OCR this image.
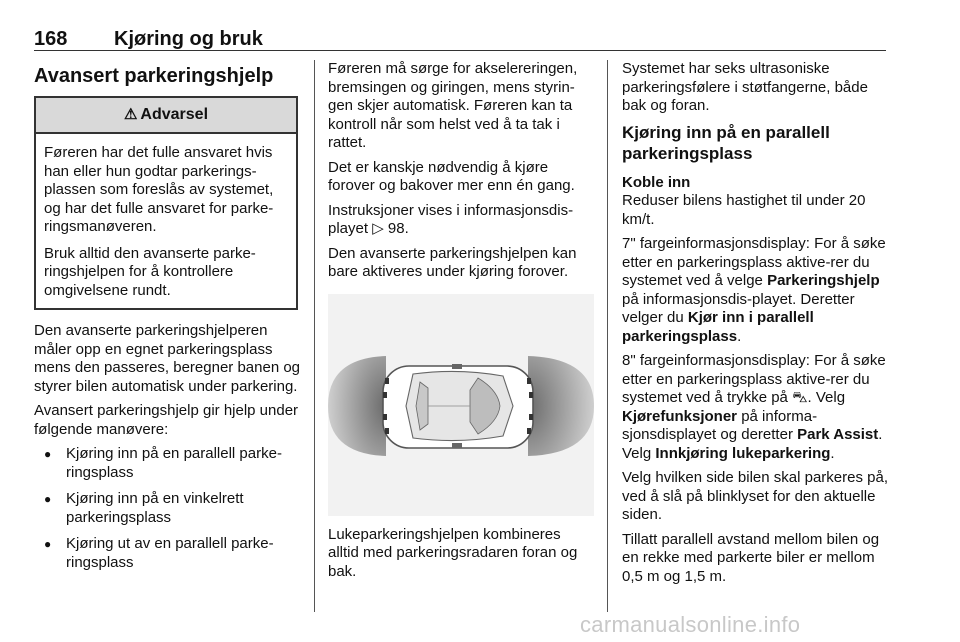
168 Kjøring og bruk
Avansert parkeringshjelp
⚠ Advarsel

Føreren har det fulle ansvaret hvis han eller hun godtar parkerings-plassen som foreslås av systemet, og har det fulle ansvaret for parke-ringsmanøveren.

Bruk alltid den avanserte parke-ringshjelpen for å kontrollere omgivelsene rundt.

Den avanserte parkeringshjelperen måler opp en egnet parkeringsplass mens den passeres, beregner banen og styrer bilen automatisk under parkering.

Avansert parkeringshjelp gir hjelp under følgende manøvere:

● Kjøring inn på en parallell parke-ringsplass
● Kjøring inn på en vinkelrett parkeringsplass
● Kjøring ut av en parallell parke-ringsplass

Føreren må sørge for akselereringen, bremsingen og giringen, mens styrin-gen skjer automatisk. Føreren kan ta kontroll når som helst ved å ta tak i rattet.

Det er kanskje nødvendig å kjøre forover og bakover mer enn én gang.

Instruksjoner vises i informasjonsdis-playet ▷ 98.

Den avanserte parkeringshjelpen kan bare aktiveres under kjøring forover.

Lukeparkeringshjelpen kombineres alltid med parkeringsradaren foran og bak.

Systemet har seks ultrasoniske parkeringsfølere i støtfangerne, både bak og foran.

Kjøring inn på en parallell parkeringsplass
Koble inn

Reduser bilens hastighet til under 20 km/t.

7" fargeinformasjonsdisplay: For å søke etter en parkeringsplass aktive-rer du systemet ved å velge Parkeringshjelp på informasjonsdis-playet. Deretter velger du Kjør inn i parallell parkeringsplass.

8" fargeinformasjonsdisplay: For å søke etter en parkeringsplass aktive-rer du systemet ved å trykke på ⛍. Velg Kjørefunksjoner på informa-sjonsdisplayet og deretter Park Assist. Velg Innkjøring lukeparkering.

Velg hvilken side bilen skal parkeres på, ved å slå på blinklyset for den aktuelle siden.

Tillatt parallell avstand mellom bilen og en rekke med parkerte biler er mellom 0,5 m og 1,5 m.

carmanualsonline.info
